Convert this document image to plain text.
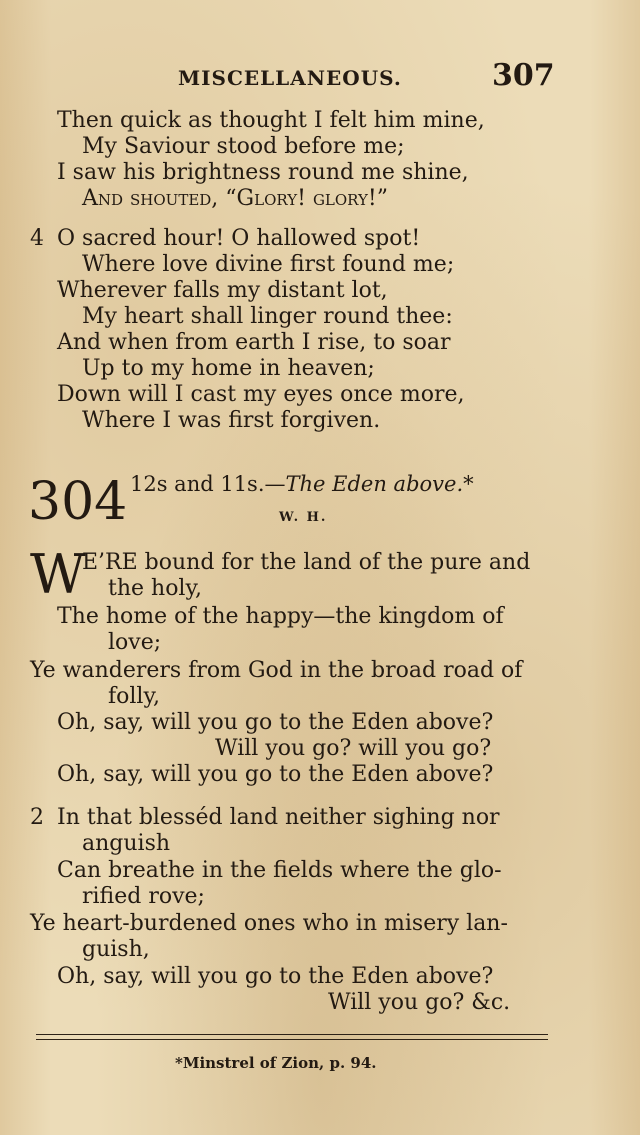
MISCELLANEOUS.	307
Then quick as thought I felt him mine,
My Saviour stood before me;
I saw his brightness round me shine,
And shouted, “Glory! glory!”
4 O sacred hour! O hallowed spot!
Where love divine first found me;
Wherever falls my distant lot,
My heart shall linger round thee:
And when from earth I rise, to soar
Up to my home in heaven;
Down will I cast my eyes once more,
Where I was first forgiven.
304 12s and 11s.—The Eden above.*
W. H.
W
E’RE bound for the land of the pure and
the holy,
The home of the happy—the kingdom of
love;
Ye wanderers from God in the broad road of
folly,
Oh, say, will you go to the Eden above?
Will you go? will you go?
Oh, say, will you go to the Eden above?
2 In that blesséd land neither sighing nor
anguish
Can breathe in the fields where the glo-
rified rove;
Ye heart-burdened ones who in misery lan-
guish,
Oh, say, will you go to the Eden above?
Will you go? &c.
*Minstrel of Zion, p. 94.
